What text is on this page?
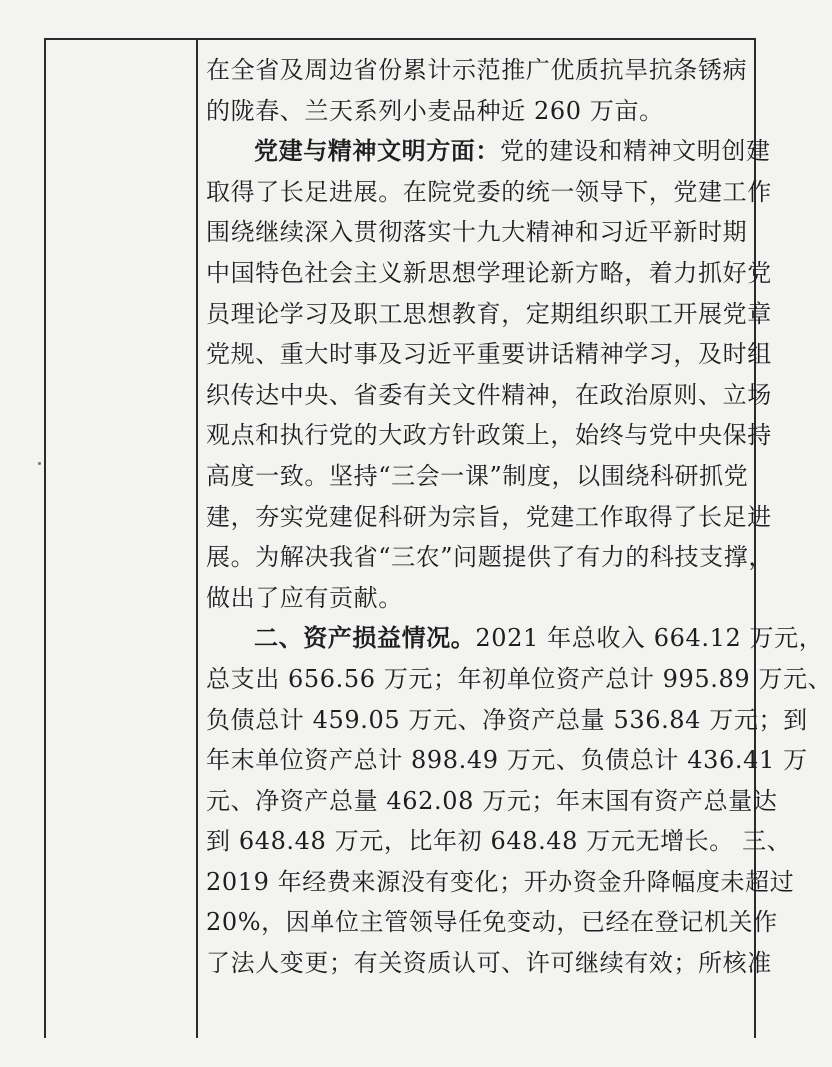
在全省及周边省份累计示范推广优质抗旱抗条锈病
的陇春、兰天系列小麦品种近 260 万亩。
党建与精神文明方面：党的建设和精神文明创建
取得了长足进展。在院党委的统一领导下，党建工作
围绕继续深入贯彻落实十九大精神和习近平新时期
中国特色社会主义新思想学理论新方略，着力抓好党
员理论学习及职工思想教育，定期组织职工开展党章
党规、重大时事及习近平重要讲话精神学习，及时组
织传达中央、省委有关文件精神，在政治原则、立场
观点和执行党的大政方针政策上，始终与党中央保持
高度一致。坚持“三会一课”制度，以围绕科研抓党
建，夯实党建促科研为宗旨，党建工作取得了长足进
展。为解决我省“三农”问题提供了有力的科技支撑，
做出了应有贡献。
二、资产损益情况。2021 年总收入 664.12 万元，
总支出 656.56 万元；年初单位资产总计 995.89 万元、
负债总计 459.05 万元、净资产总量 536.84 万元；到
年末单位资产总计 898.49 万元、负债总计 436.41 万
元、净资产总量 462.08 万元；年末国有资产总量达
到 648.48 万元，比年初 648.48 万元无增长。 三、
2019 年经费来源没有变化；开办资金升降幅度未超过
20%，因单位主管领导任免变动，已经在登记机关作
了法人变更；有关资质认可、许可继续有效；所核准
